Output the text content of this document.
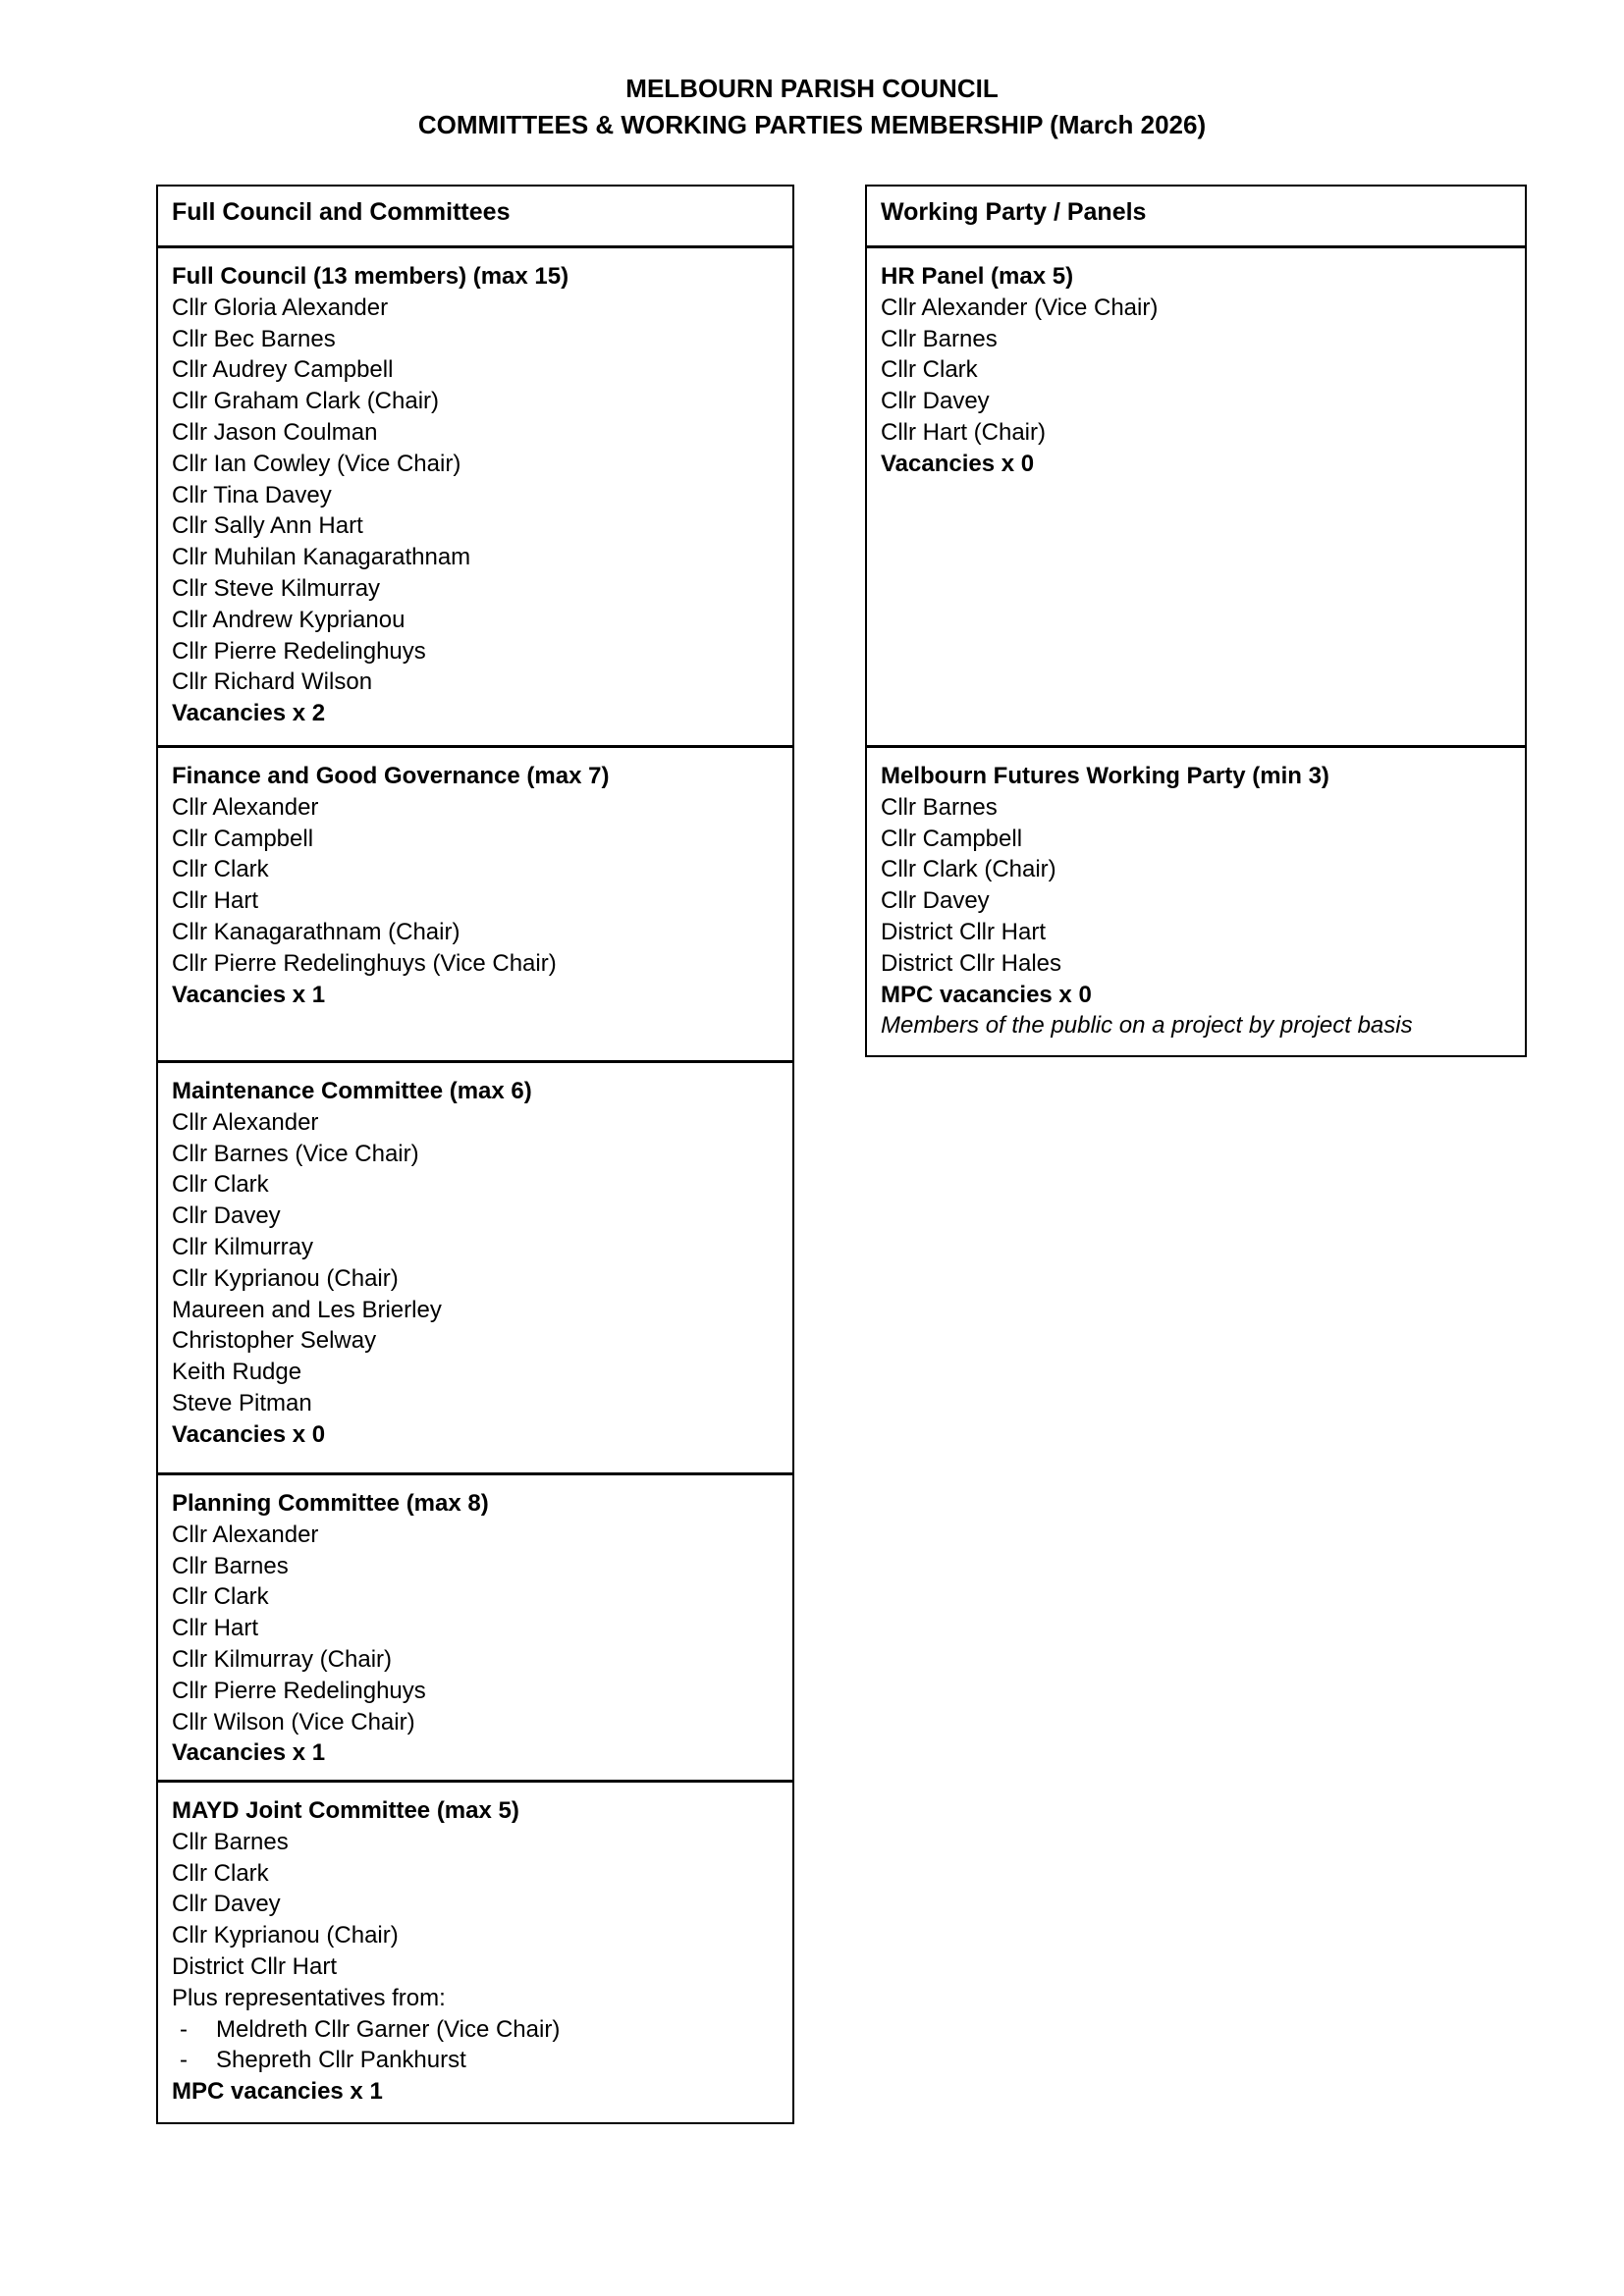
MELBOURN PARISH COUNCIL
COMMITTEES & WORKING PARTIES MEMBERSHIP (March 2026)
Full Council and Committees
Full Council (13 members) (max 15)
Cllr Gloria Alexander
Cllr Bec Barnes
Cllr Audrey Campbell
Cllr Graham Clark (Chair)
Cllr Jason Coulman
Cllr Ian Cowley (Vice Chair)
Cllr Tina Davey
Cllr Sally Ann Hart
Cllr Muhilan Kanagarathnam
Cllr Steve Kilmurray
Cllr Andrew Kyprianou
Cllr Pierre Redelinghuys
Cllr Richard Wilson
Vacancies x 2
Finance and Good Governance (max 7)
Cllr Alexander
Cllr Campbell
Cllr Clark
Cllr Hart
Cllr Kanagarathnam (Chair)
Cllr Pierre Redelinghuys (Vice Chair)
Vacancies x 1
Maintenance Committee (max 6)
Cllr Alexander
Cllr Barnes (Vice Chair)
Cllr Clark
Cllr Davey
Cllr Kilmurray
Cllr Kyprianou (Chair)
Maureen and Les Brierley
Christopher Selway
Keith Rudge
Steve Pitman
Vacancies x 0
Planning Committee (max 8)
Cllr Alexander
Cllr Barnes
Cllr Clark
Cllr Hart
Cllr Kilmurray (Chair)
Cllr Pierre Redelinghuys
Cllr Wilson (Vice Chair)
Vacancies x 1
MAYD Joint Committee (max 5)
Cllr Barnes
Cllr Clark
Cllr Davey
Cllr Kyprianou (Chair)
District Cllr Hart
Plus representatives from:
- Meldreth Cllr Garner (Vice Chair)
- Shepreth Cllr Pankhurst
MPC vacancies x 1
Working Party / Panels
HR Panel (max 5)
Cllr Alexander (Vice Chair)
Cllr Barnes
Cllr Clark
Cllr Davey
Cllr Hart (Chair)
Vacancies x 0
Melbourn Futures Working Party (min 3)
Cllr Barnes
Cllr Campbell
Cllr Clark (Chair)
Cllr Davey
District Cllr Hart
District Cllr Hales
MPC vacancies x 0
Members of the public on a project by project basis
